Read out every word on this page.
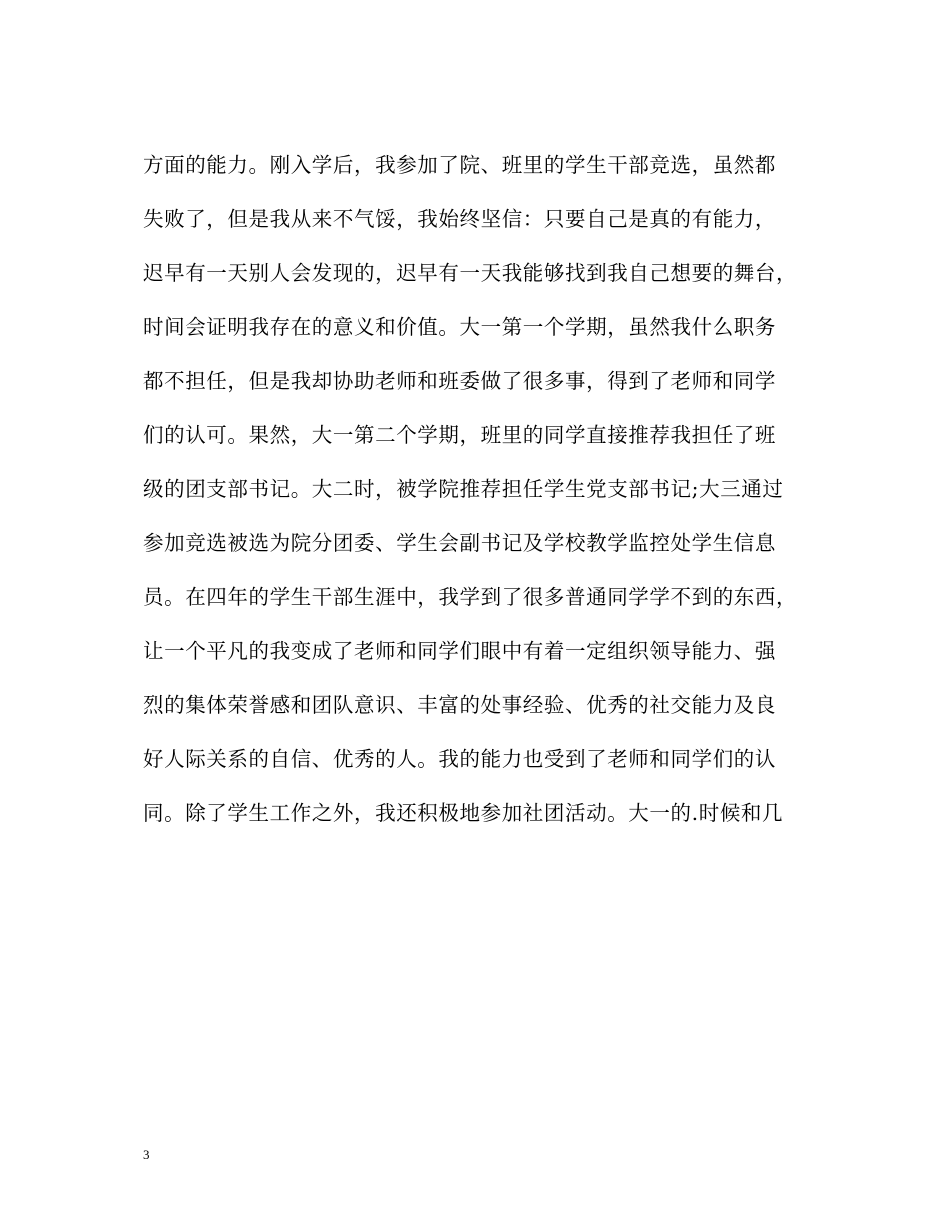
方面的能力。刚入学后，我参加了院、班里的学生干部竞选，虽然都
失败了，但是我从来不气馁，我始终坚信：只要自己是真的有能力，
迟早有一天别人会发现的，迟早有一天我能够找到我自己想要的舞台，
时间会证明我存在的意义和价值。大一第一个学期，虽然我什么职务
都不担任，但是我却协助老师和班委做了很多事，得到了老师和同学
们的认可。果然，大一第二个学期，班里的同学直接推荐我担任了班
级的团支部书记。大二时，被学院推荐担任学生党支部书记;大三通过
参加竞选被选为院分团委、学生会副书记及学校教学监控处学生信息
员。在四年的学生干部生涯中，我学到了很多普通同学学不到的东西，
让一个平凡的我变成了老师和同学们眼中有着一定组织领导能力、强
烈的集体荣誉感和团队意识、丰富的处事经验、优秀的社交能力及良
好人际关系的自信、优秀的人。我的能力也受到了老师和同学们的认
同。除了学生工作之外，我还积极地参加社团活动。大一的.时候和几
3
